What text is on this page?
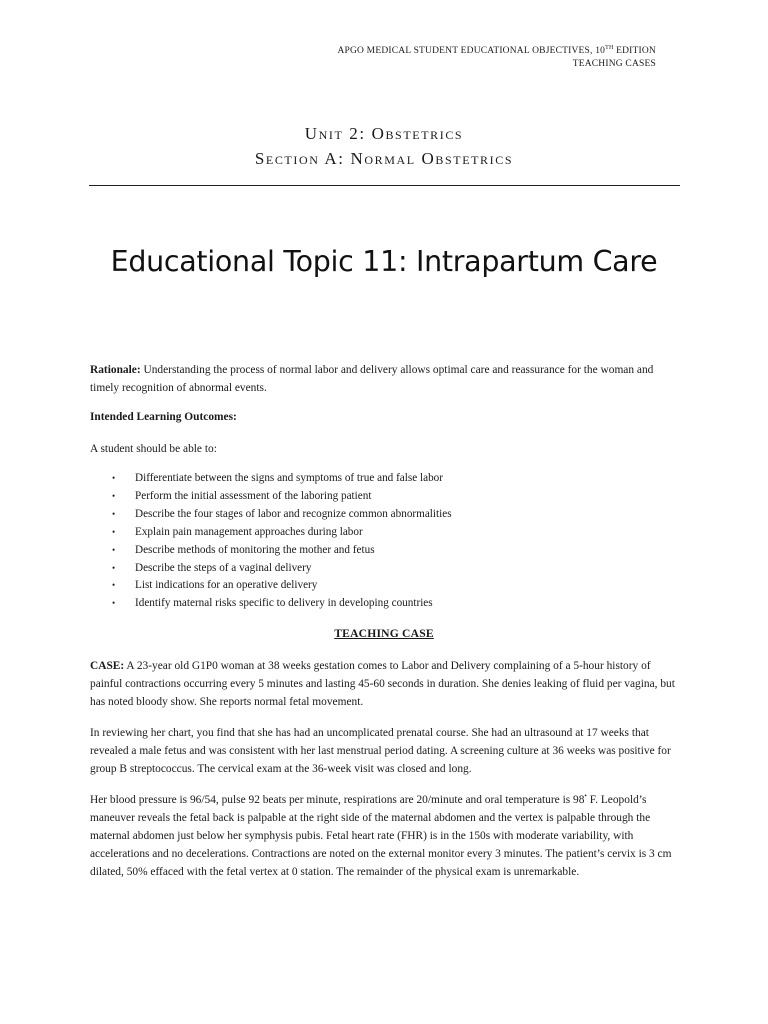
APGO MEDICAL STUDENT EDUCATIONAL OBJECTIVES, 10TH EDITION
TEACHING CASES
Unit 2: Obstetrics
Section A: Normal Obstetrics
Educational Topic 11: Intrapartum Care

Rationale: Understanding the process of normal labor and delivery allows optimal care and reassurance for the woman and timely recognition of abnormal events.

Intended Learning Outcomes:

A student should be able to:

• Differentiate between the signs and symptoms of true and false labor
• Perform the initial assessment of the laboring patient
• Describe the four stages of labor and recognize common abnormalities
• Explain pain management approaches during labor
• Describe methods of monitoring the mother and fetus
• Describe the steps of a vaginal delivery
• List indications for an operative delivery
• Identify maternal risks specific to delivery in developing countries
TEACHING CASE

CASE: A 23-year old G1P0 woman at 38 weeks gestation comes to Labor and Delivery complaining of a 5-hour history of painful contractions occurring every 5 minutes and lasting 45-60 seconds in duration. She denies leaking of fluid per vagina, but has noted bloody show. She reports normal fetal movement.

In reviewing her chart, you find that she has had an uncomplicated prenatal course. She had an ultrasound at 17 weeks that revealed a male fetus and was consistent with her last menstrual period dating. A screening culture at 36 weeks was positive for group B streptococcus. The cervical exam at the 36-week visit was closed and long.

Her blood pressure is 96/54, pulse 92 beats per minute, respirations are 20/minute and oral temperature is 98• F. Leopold’s maneuver reveals the fetal back is palpable at the right side of the maternal abdomen and the vertex is palpable through the maternal abdomen just below her symphysis pubis. Fetal heart rate (FHR) is in the 150s with moderate variability, with accelerations and no decelerations. Contractions are noted on the external monitor every 3 minutes. The patient’s cervix is 3 cm dilated, 50% effaced with the fetal vertex at 0 station. The remainder of the physical exam is unremarkable.
